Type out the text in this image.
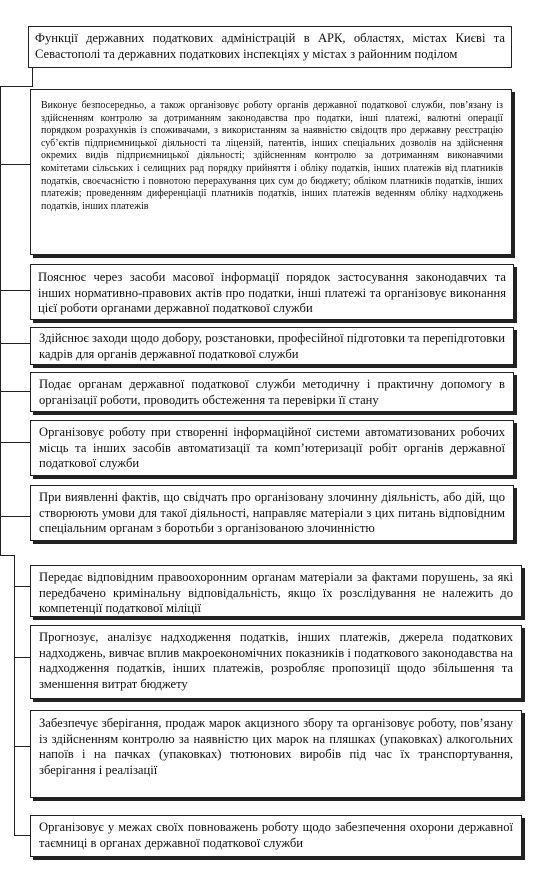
Функції державних податкових адміністрацій в АРК, областях, містах Києві та Севастополі та державних податкових інспекціях у містах з районним поділом
Виконує безпосередньо, а також організовує роботу органів державної податкової служби, пов’язану із здійсненням контролю за дотриманням законодавства про податки, інші платежі, валютні операції порядком розрахунків із споживачами, з використанням за наявністю свідоцтв про державну реєстрацію суб’єктів підприємницької діяльності та ліцензій, патентів, інших спеціальних дозволів на здійснення окремих видів підприємницької діяльності; здійсненням контролю за дотриманням виконавчими комітетами сільських і селищних рад порядку прийняття і обліку податків, інших платежів від платників податків, своєчасністю і повнотою перерахування цих сум до бюджету; обліком платників податків, інших платежів; проведенням диференціації платників податків, інших платежів веденням обліку надходжень податків, інших платежів
Пояснює через засоби масової інформації порядок застосування законодавчих та інших нормативно-правових актів про податки, інші платежі та організовує виконання цієї роботи органами державної податкової служби
Здійснює заходи щодо добору, розстановки, професійної підготовки та перепідготовки кадрів для органів державної податкової служби
Подає органам державної податкової служби методичну і практичну допомогу в організації роботи, проводить обстеження та перевірки її стану
Організовує роботу при створенні інформаційної системи автоматизованих робочих місць та інших засобів автоматизації та комп’ютеризації робіт органів державної податкової служби
При виявленні фактів, що свідчать про організовану злочинну діяльність, або дій, що створюють умови для такої діяльності, направляє матеріали з цих питань відповідним спеціальним органам з боротьби з організованою злочинністю
Передає відповідним правоохоронним органам матеріали за фактами порушень, за які передбачено кримінальну відповідальність, якщо їх розслідування не належить до компетенції податкової міліції
Прогнозує, аналізує надходження податків, інших платежів, джерела податкових надходжень, вивчає вплив макроекономічних показників і податкового законодавства на надходження податків, інших платежів, розробляє пропозиції щодо збільшення та зменшення витрат бюджету
Забезпечує зберігання, продаж марок акцизного збору та організовує роботу, пов’язану із здійсненням контролю за наявністю цих марок на пляшках (упаковках) алкогольних напоїв і на пачках (упаковках) тютюнових виробів під час їх транспортування, зберігання і реалізації
Організовує у межах своїх повноважень роботу щодо забезпечення охорони державної таємниці в органах державної податкової служби
